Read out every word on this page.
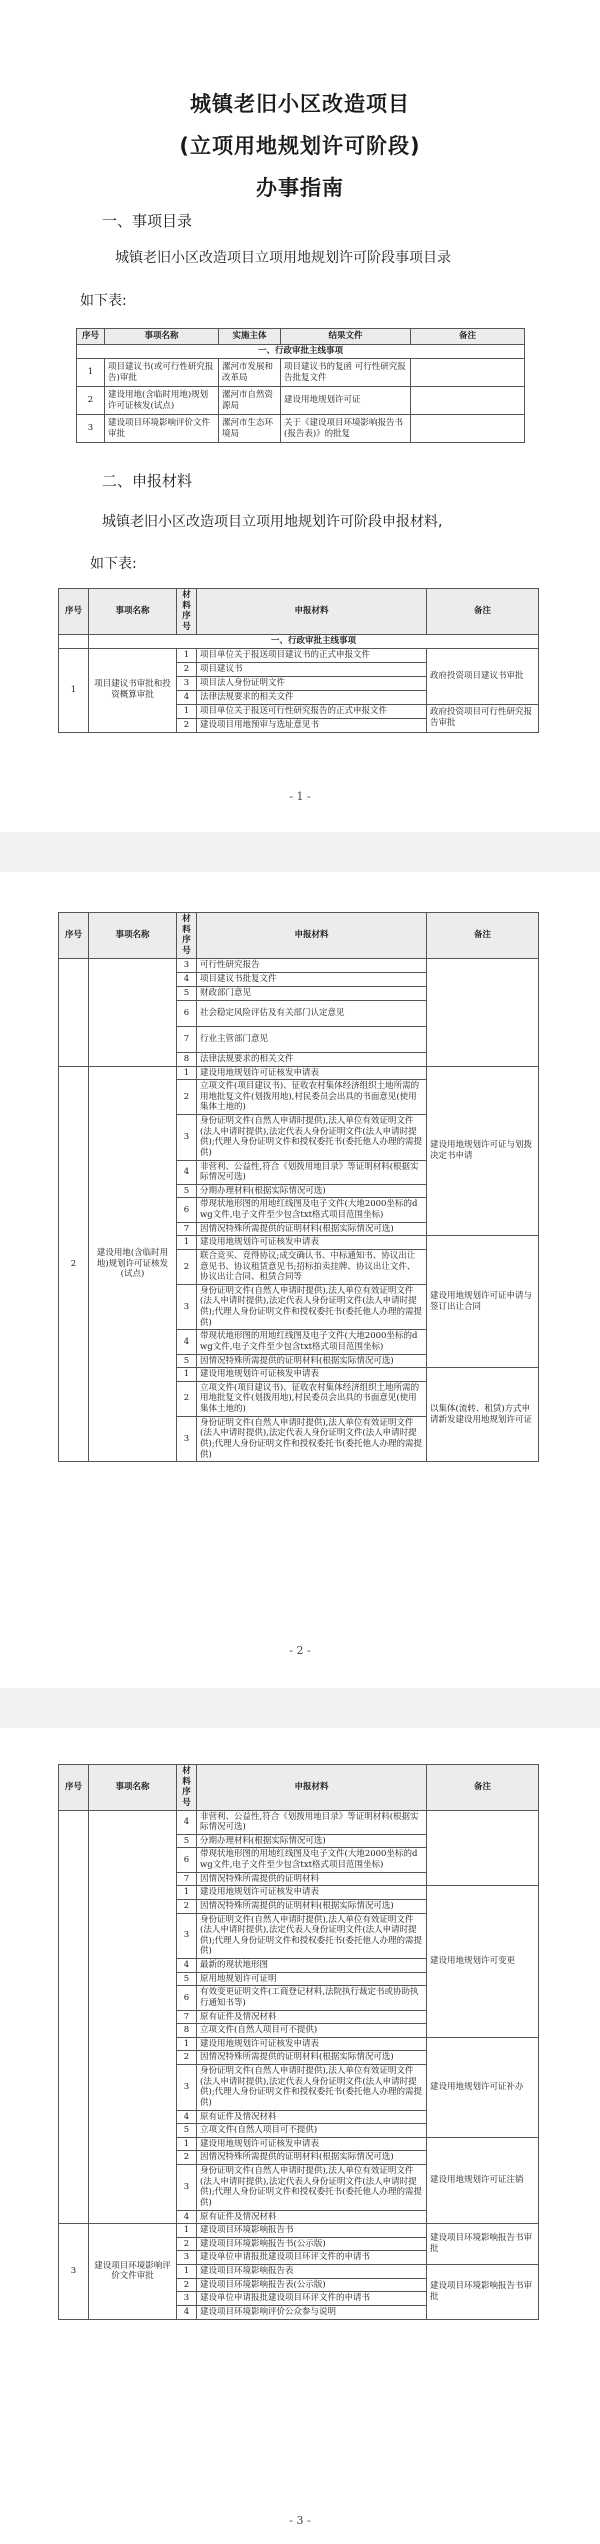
城镇老旧小区改造项目
(立项用地规划许可阶段)
办事指南
一、事项目录
城镇老旧小区改造项目立项用地规划许可阶段事项目录
如下表:
序号	事项名称	实施主体	结果文件	备注
一、行政审批主线事项				
1	项目建议书(或可行性研究报告)审批	漯河市发展和改革局	项目建议书的复函 可行性研究报告批复文件	
2	建设用地(含临时用地)规划许可证核发(试点)	漯河市自然资源局	建设用地规划许可证	
3	建设项目环境影响评价文件审批	漯河市生态环境局	关于《建设项目环境影响报告书(报告表)》的批复	
二、申报材料
城镇老旧小区改造项目立项用地规划许可阶段申报材料,
如下表:
序号	事项名称	材料序号	申报材料	备注
	一、行政审批主线事项			
1	项目建议书审批和投资概算审批	1	项目单位关于报送项目建议书的正式申报文件	政府投资项目建议书审批
		2	项目建议书	
		3	项目法人身份证明文件	
		4	法律法规要求的相关文件	
		1	项目单位关于报送可行性研究报告的正式申报文件	政府投资项目可行性研究报告审批
		2	建设项目用地预审与选址意见书	
- 1 -
序号	事项名称	材料序号	申报材料	备注
		3	可行性研究报告	
		4	项目建议书批复文件	
		5	财政部门意见	
		6	社会稳定风险评估及有关部门认定意见	
		7	行业主管部门意见	
		8	法律法规要求的相关文件	
2	建设用地(含临时用地)规划许可证核发(试点)	1	建设用地规划许可证核发申请表	建设用地规划许可证与划拨决定书申请
		2	立项文件(项目建议书)、征收农村集体经济组织土地所需的用地批复文件(划拨用地),村民委员会出具的书面意见(使用集体土地的)	
		3	身份证明文件(自然人申请时提供),法人单位有效证明文件(法人申请时提供),法定代表人身份证明文件(法人申请时提供);代理人身份证明文件和授权委托书(委托他人办理的需提供)	
		4	非营利、公益性,符合《划拨用地目录》等证明材料(根据实际情况可选)	
		5	分期办理材料(根据实际情况可选)	
		6	带现状地形图的用地红线图及电子文件(大地2000坐标的dwg文件,电子文件至少包含txt格式项目范围坐标)	
		7	因情况特殊所需提供的证明材料(根据实际情况可选)	
		1	建设用地规划许可证核发申请表	建设用地规划许可证申请与签订出让合同
		2	联合竞买、竞得协议;成交确认书、中标通知书、协议出让意见书、协议租赁意见书;招标拍卖挂牌、协议出让文件、协议出让合同、租赁合同等	
		3	身份证明文件(自然人申请时提供),法人单位有效证明文件(法人申请时提供),法定代表人身份证明文件(法人申请时提供);代理人身份证明文件和授权委托书(委托他人办理的需提供)	
		4	带现状地形图的用地红线图及电子文件(大地2000坐标的dwg文件,电子文件至少包含txt格式项目范围坐标)	
		5	因情况特殊所需提供的证明材料(根据实际情况可选)	
		1	建设用地规划许可证核发申请表	以集体(流转、租赁)方式申请新发建设用地规划许可证
		2	立项文件(项目建议书)、征收农村集体经济组织土地所需的用地批复文件(划拨用地),村民委员会出具的书面意见(使用集体土地的)	
		3	身份证明文件(自然人申请时提供),法人单位有效证明文件(法人申请时提供),法定代表人身份证明文件(法人申请时提供);代理人身份证明文件和授权委托书(委托他人办理的需提供)	
- 2 -
序号	事项名称	材料序号	申报材料	备注
		4	非营利、公益性,符合《划拨用地目录》等证明材料(根据实际情况可选)	
		5	分期办理材料(根据实际情况可选)	
		6	带现状地形图的用地红线图及电子文件(大地2000坐标的dwg文件,电子文件至少包含txt格式项目范围坐标)	
		7	因情况特殊所需提供的证明材料	
		1	建设用地规划许可证核发申请表	建设用地规划许可变更
		2	因情况特殊所需提供的证明材料(根据实际情况可选)	
		3	身份证明文件(自然人申请时提供),法人单位有效证明文件(法人申请时提供),法定代表人身份证明文件(法人申请时提供);代理人身份证明文件和授权委托书(委托他人办理的需提供)	
		4	最新的现状地形图	
		5	原用地规划许可证明	
		6	有效变更证明文件(工商登记材料,法院执行裁定书或协助执行通知书等)	
		7	原有证件及情况材料	
		8	立项文件(自然人项目可不提供)	
		1	建设用地规划许可证核发申请表	建设用地规划许可证补办
		2	因情况特殊所需提供的证明材料(根据实际情况可选)	
		3	身份证明文件(自然人申请时提供),法人单位有效证明文件(法人申请时提供),法定代表人身份证明文件(法人申请时提供);代理人身份证明文件和授权委托书(委托他人办理的需提供)	
		4	原有证件及情况材料	
		5	立项文件(自然人项目可不提供)	
		1	建设用地规划许可证核发申请表	建设用地规划许可证注销
		2	因情况特殊所需提供的证明材料(根据实际情况可选)	
		3	身份证明文件(自然人申请时提供),法人单位有效证明文件(法人申请时提供),法定代表人身份证明文件(法人申请时提供);代理人身份证明文件和授权委托书(委托他人办理的需提供)	
		4	原有证件及情况材料	
3	建设项目环境影响评价文件审批	1	建设项目环境影响报告书	建设项目环境影响报告书审批
		2	建设项目环境影响报告书(公示版)	
		3	建设单位申请报批建设项目环评文件的申请书	
		1	建设项目环境影响报告表	建设项目环境影响报告书审批
		2	建设项目环境影响报告表(公示版)	
		3	建设单位申请报批建设项目环评文件的申请书	
		4	建设项目环境影响评价公众参与说明	
- 3 -
